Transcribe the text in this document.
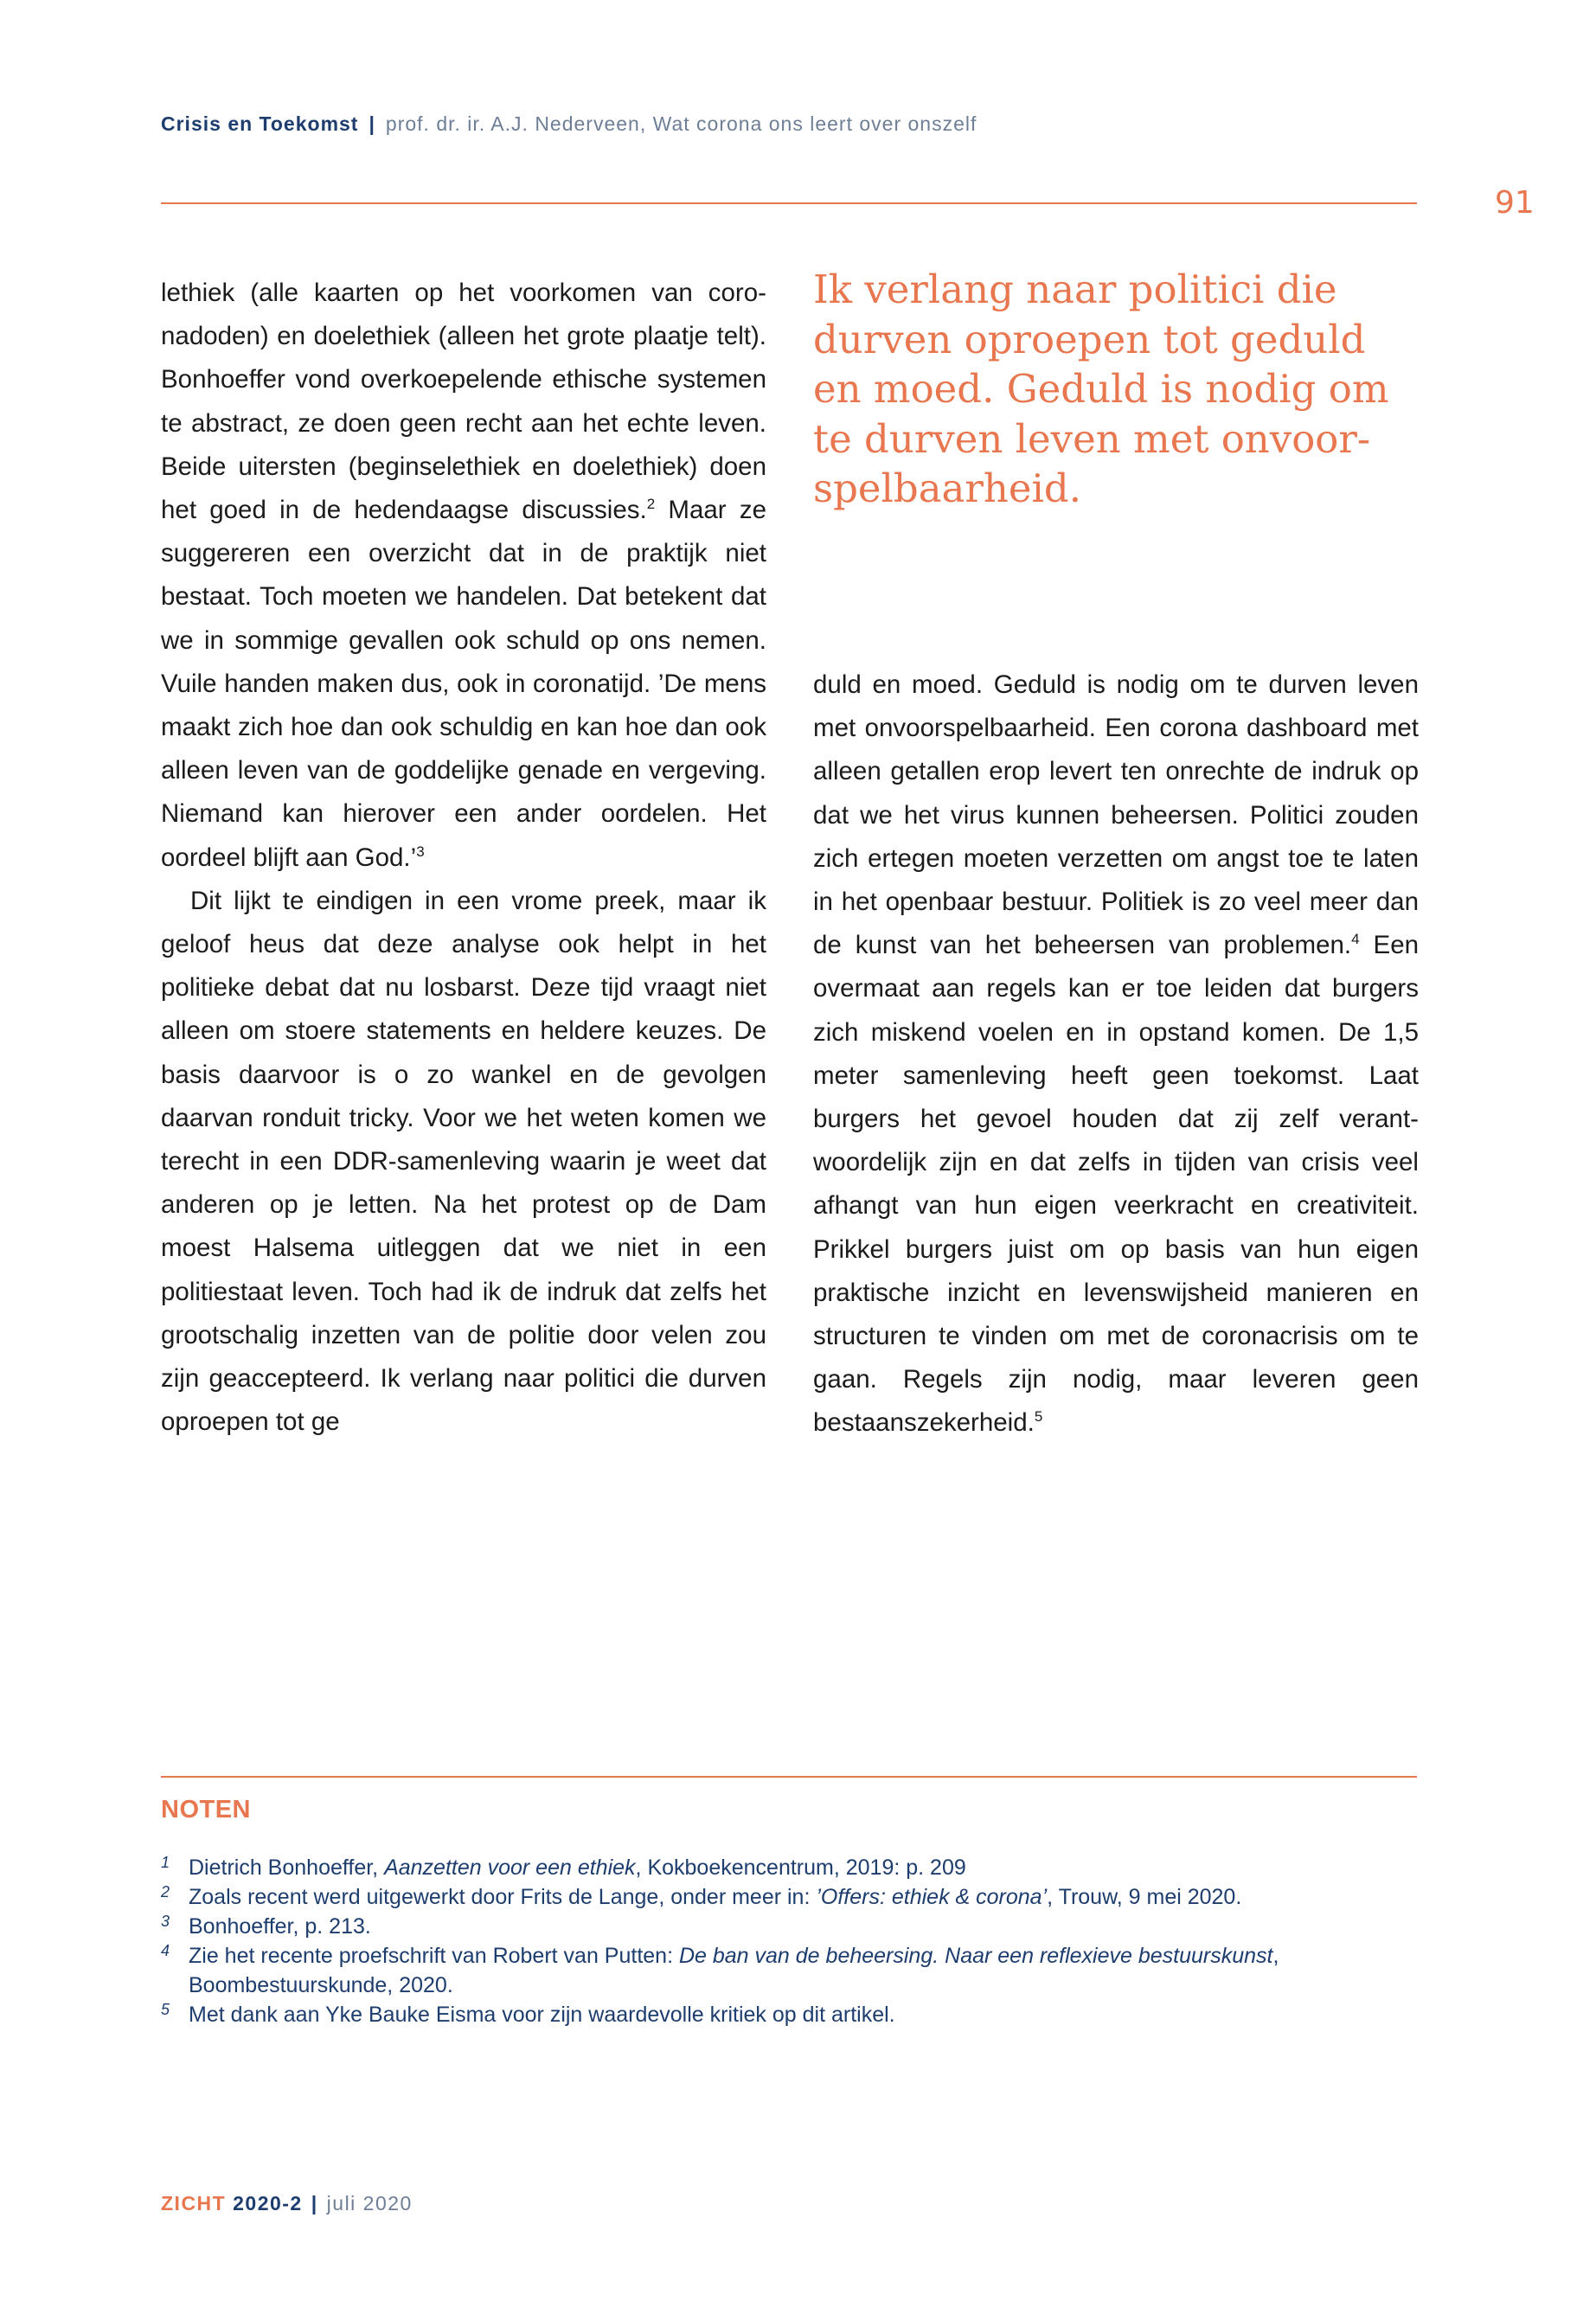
Crisis en Toekomst | prof. dr. ir. A.J. Nederveen, Wat corona ons leert over onszelf
91

lethiek (alle kaarten op het voorkomen van coronadoden) en doelethiek (alleen het grote plaatje telt). Bonhoeffer vond overkoepelende ethische systemen te abstract, ze doen geen recht aan het echte leven. Beide uitersten (beginselethiek en doelethiek) doen het goed in de hedendaagse discussies.$^2$ Maar ze suggereren een overzicht dat in de praktijk niet bestaat. Toch moeten we handelen. Dat betekent dat we in sommige gevallen ook schuld op ons nemen. Vuile handen maken dus, ook in coronatijd. ’De mens maakt zich hoe dan ook schuldig en kan hoe dan ook alleen leven van de goddelijke genade en vergeving. Niemand kan hierover een ander oordelen. Het oordeel blijft aan God.’$^3$

Dit lijkt te eindigen in een vrome preek, maar ik geloof heus dat deze analyse ook helpt in het politieke debat dat nu losbarst. Deze tijd vraagt niet alleen om stoere statements en heldere keuzes. De basis daarvoor is o zo wankel en de gevolgen daarvan ronduit tricky. Voor we het weten komen we terecht in een DDR-samenleving waarin je weet dat anderen op je letten. Na het protest op de Dam moest Halsema uitleggen dat we niet in een politiestaat leven. Toch had ik de indruk dat zelfs het grootschalig inzetten van de politie door velen zou zijn geaccepteerd. Ik verlang naar politici die durven oproepen tot ge

Ik verlang naar politici die durven oproepen tot geduld en moed. Geduld is nodig om te durven leven met onvoorspelbaarheid.

duld en moed. Geduld is nodig om te durven leven met onvoorspelbaarheid. Een corona dashboard met alleen getallen erop levert ten onrechte de indruk op dat we het virus kunnen beheersen. Politici zouden zich ertegen moeten verzetten om angst toe te laten in het openbaar bestuur. Politiek is zo veel meer dan de kunst van het beheersen van problemen.$^4$ Een overmaat aan regels kan er toe leiden dat burgers zich miskend voelen en in opstand komen. De 1,5 meter samenleving heeft geen toekomst. Laat burgers het gevoel houden dat zij zelf verantwoordelijk zijn en dat zelfs in tijden van crisis veel afhangt van hun eigen veerkracht en creativiteit. Prikkel burgers juist om op basis van hun eigen praktische inzicht en levenswijsheid manieren en structuren te vinden om met de coronacrisis om te gaan. Regels zijn nodig, maar leveren geen bestaanszekerheid.$^5$

NOTEN
1 Dietrich Bonhoeffer, Aanzetten voor een ethiek, Kokboekencentrum, 2019: p. 209
2 Zoals recent werd uitgewerkt door Frits de Lange, onder meer in: ’Offers: ethiek & corona’, Trouw, 9 mei 2020.
3 Bonhoeffer, p. 213.
4 Zie het recente proefschrift van Robert van Putten: De ban van de beheersing. Naar een reflexieve bestuurskunst, Boombestuurskunde, 2020.
5 Met dank aan Yke Bauke Eisma voor zijn waardevolle kritiek op dit artikel.
ZICHT 2020-2 | juli 2020
